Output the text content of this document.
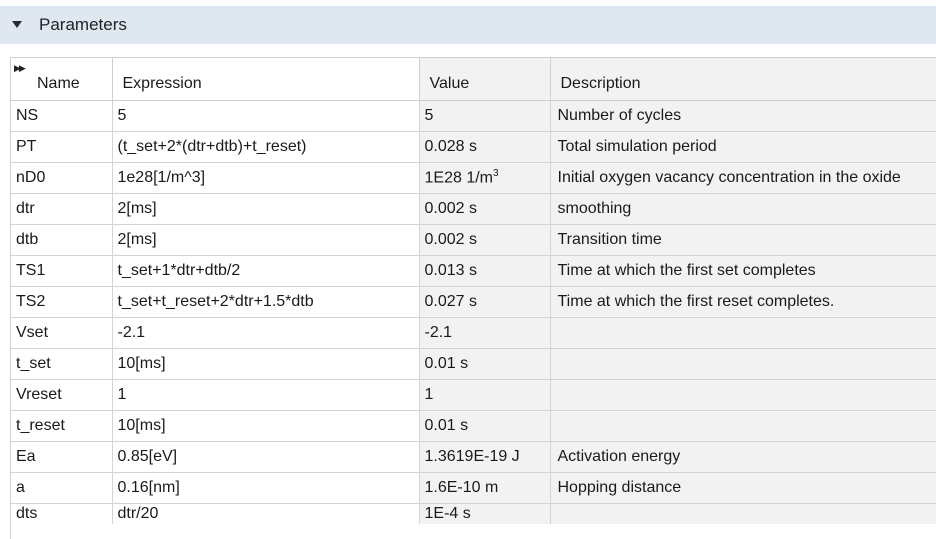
Parameters
▶▶
Name	Expression	Value	Description

NS	5	5	Number of cycles
PT	(t_set+2*(dtr+dtb)+t_reset)	0.028 s	Total simulation period
nD0	1e28[1/m^3]	1E28 $1/m^3$	Initial oxygen vacancy concentration in the oxide
dtr	2[ms]	0.002 s	smoothing
dtb	2[ms]	0.002 s	Transition time
TS1	t_set+1*dtr+dtb/2	0.013 s	Time at which the first set completes
TS2	t_set+t_reset+2*dtr+1.5*dtb	0.027 s	Time at which the first reset completes.
Vset	-2.1	-2.1	
t_set	10[ms]	0.01 s	
Vreset	1	1	
t_reset	10[ms]	0.01 s	
Ea	0.85[eV]	1.3619E-19 J	Activation energy
a	0.16[nm]	1.6E-10 m	Hopping distance
dts	dtr/20	1E-4 s	
